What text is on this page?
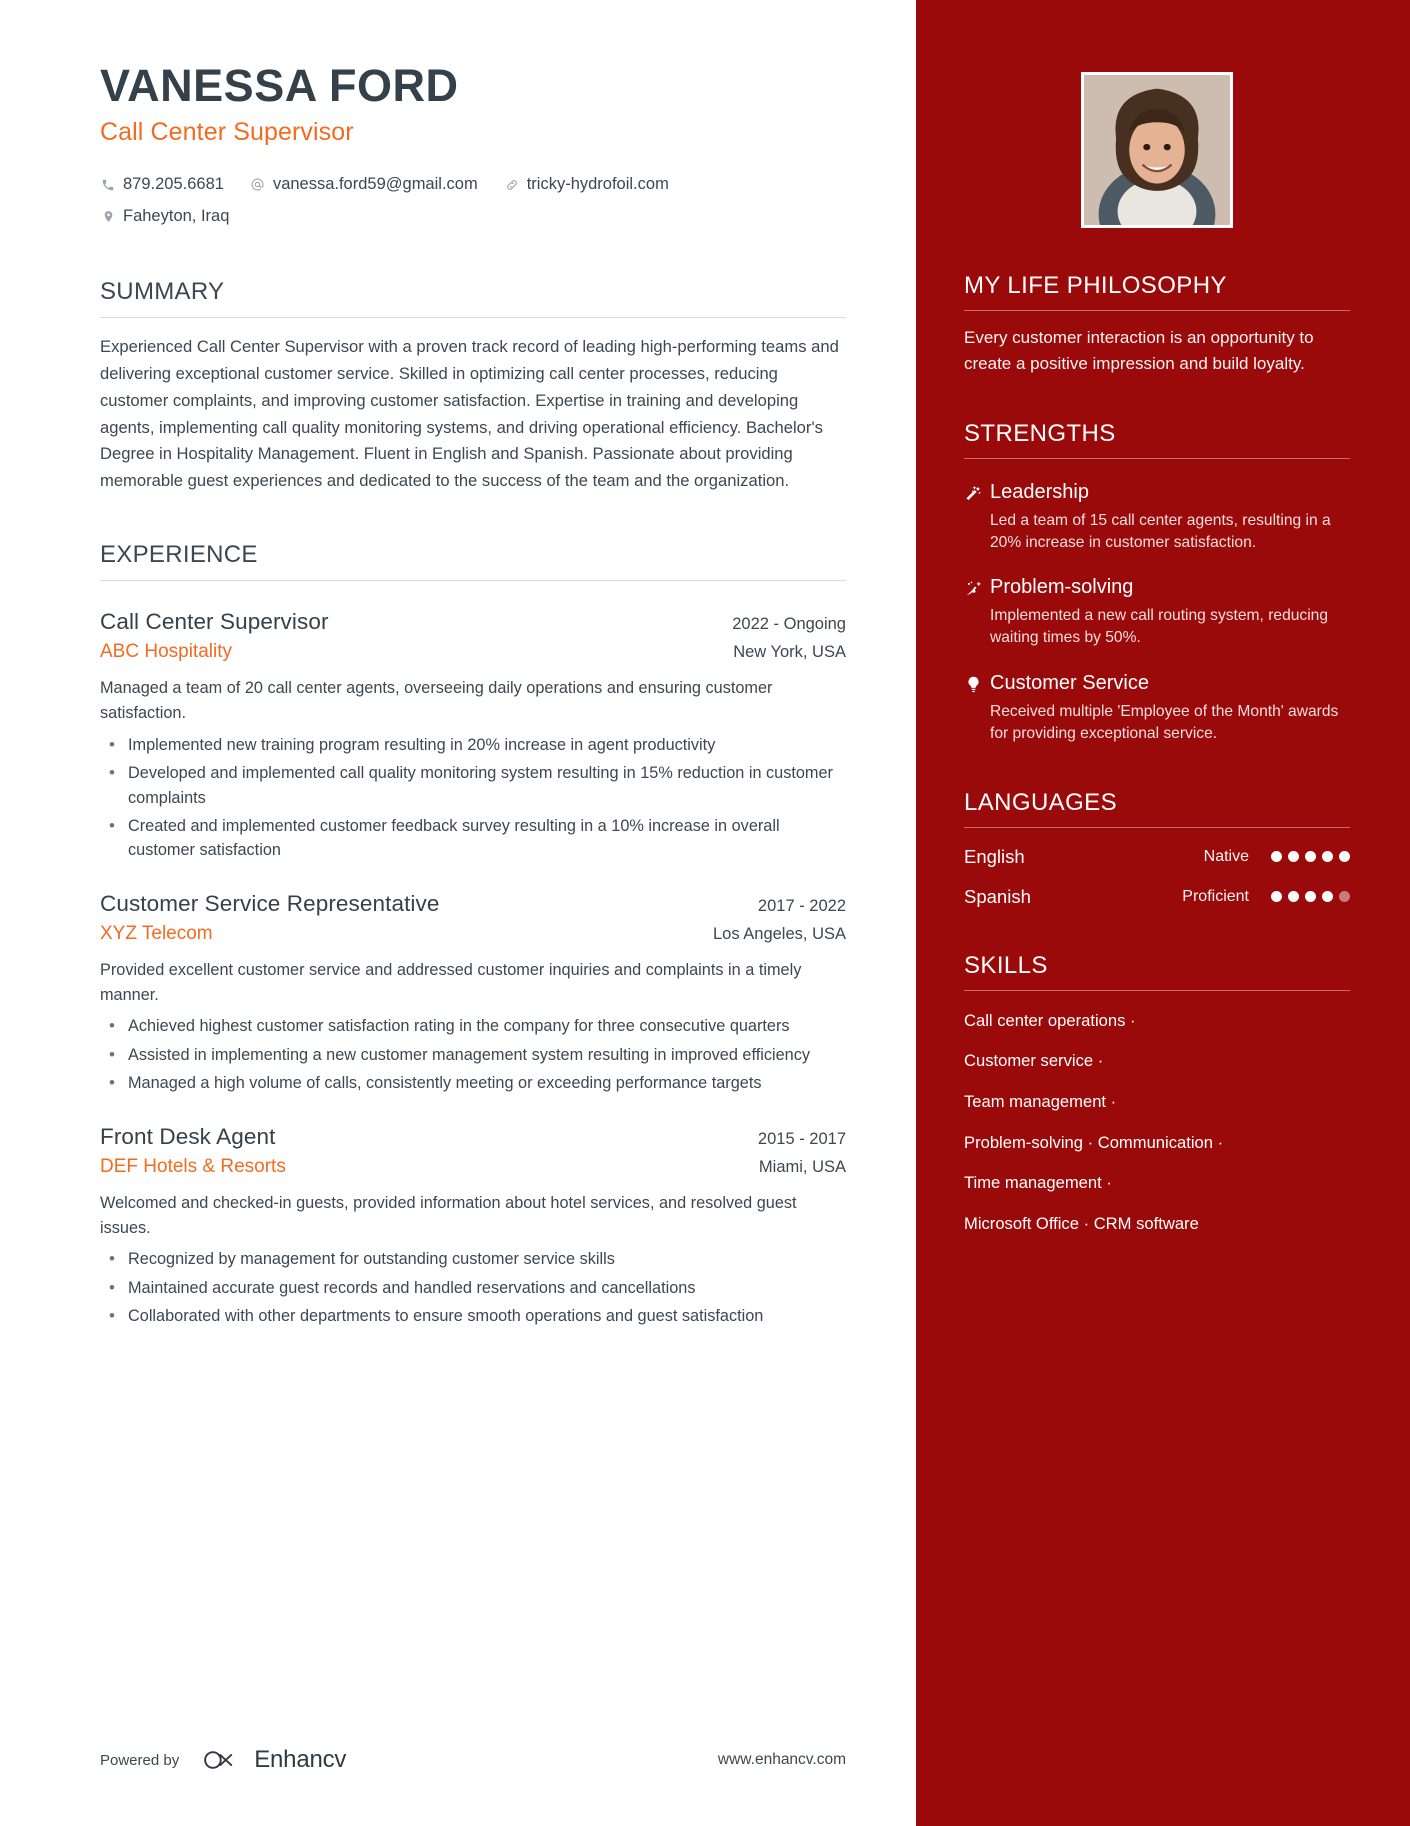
VANESSA FORD
Call Center Supervisor
879.205.6681	vanessa.ford59@gmail.com	tricky-hydrofoil.com
Faheyton, Iraq
SUMMARY

Experienced Call Center Supervisor with a proven track record of leading high-performing teams and delivering exceptional customer service. Skilled in optimizing call center processes, reducing customer complaints, and improving customer satisfaction. Expertise in training and developing agents, implementing call quality monitoring systems, and driving operational efficiency. Bachelor's Degree in Hospitality Management. Fluent in English and Spanish. Passionate about providing memorable guest experiences and dedicated to the success of the team and the organization.

EXPERIENCE
Call Center Supervisor	2022 - Ongoing
ABC Hospitality	New York, USA
Managed a team of 20 call center agents, overseeing daily operations and ensuring customer satisfaction.
• Implemented new training program resulting in 20% increase in agent productivity
• Developed and implemented call quality monitoring system resulting in 15% reduction in customer complaints
• Created and implemented customer feedback survey resulting in a 10% increase in overall customer satisfaction
Customer Service Representative	2017 - 2022
XYZ Telecom	Los Angeles, USA
Provided excellent customer service and addressed customer inquiries and complaints in a timely manner.
• Achieved highest customer satisfaction rating in the company for three consecutive quarters
• Assisted in implementing a new customer management system resulting in improved efficiency
• Managed a high volume of calls, consistently meeting or exceeding performance targets
Front Desk Agent	2015 - 2017
DEF Hotels & Resorts	Miami, USA
Welcomed and checked-in guests, provided information about hotel services, and resolved guest issues.
• Recognized by management for outstanding customer service skills
• Maintained accurate guest records and handled reservations and cancellations
• Collaborated with other departments to ensure smooth operations and guest satisfaction
Powered by	Enhancv	www.enhancv.com
MY LIFE PHILOSOPHY

Every customer interaction is an opportunity to create a positive impression and build loyalty.

STRENGTHS
Leadership
Led a team of 15 call center agents, resulting in a 20% increase in customer satisfaction.
Problem-solving
Implemented a new call routing system, reducing waiting times by 50%.
Customer Service
Received multiple 'Employee of the Month' awards for providing exceptional service.
LANGUAGES
English	Native
Spanish	Proficient
SKILLS
Call center operations ·
Customer service ·
Team management ·
Problem-solving · Communication ·
Time management ·
Microsoft Office · CRM software
